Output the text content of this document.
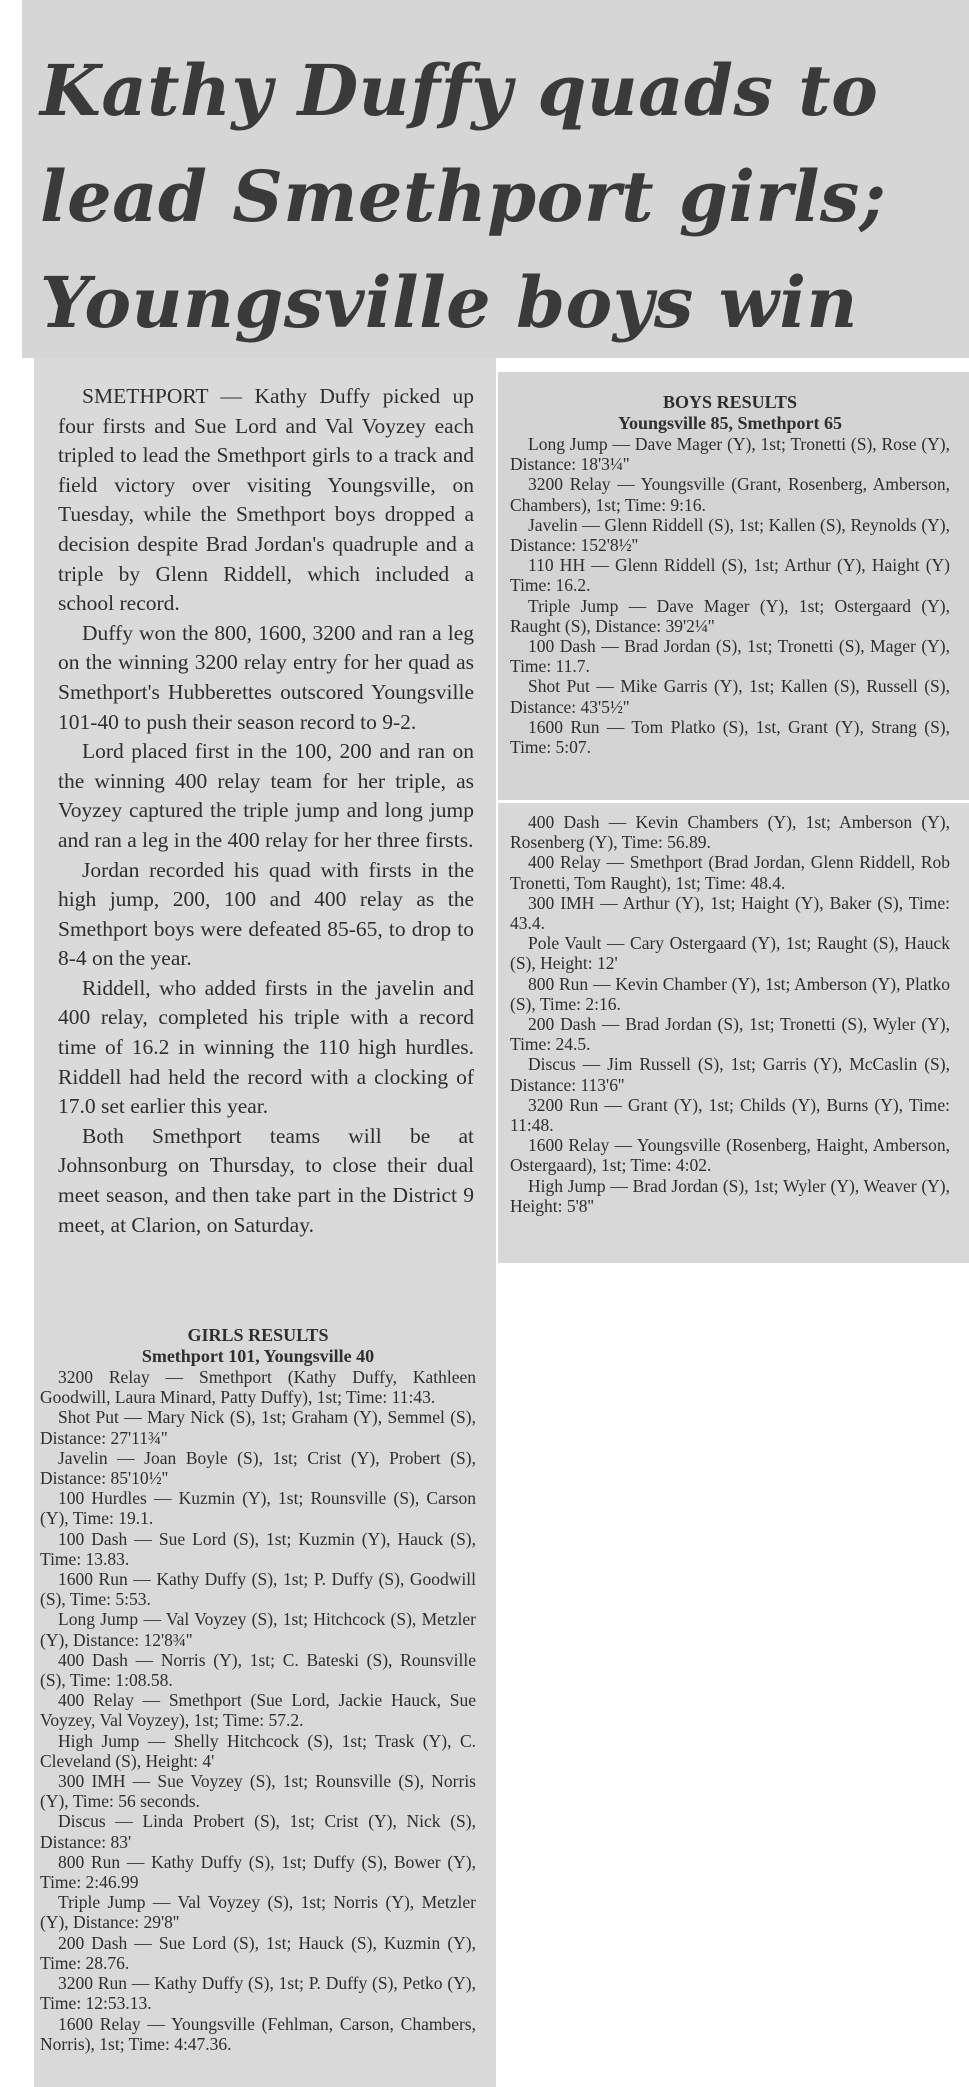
Kathy Duffy quads to lead Smethport girls; Youngsville boys win

SMETHPORT — Kathy Duffy picked up four firsts and Sue Lord and Val Voyzey each tripled to lead the Smethport girls to a track and field victory over visiting Youngsville, on Tuesday, while the Smethport boys dropped a decision despite Brad Jordan's quadruple and a triple by Glenn Riddell, which included a school record.

Duffy won the 800, 1600, 3200 and ran a leg on the winning 3200 relay entry for her quad as Smethport's Hubberettes outscored Youngsville 101-40 to push their season record to 9-2.

Lord placed first in the 100, 200 and ran on the winning 400 relay team for her triple, as Voyzey captured the triple jump and long jump and ran a leg in the 400 relay for her three firsts.

Jordan recorded his quad with firsts in the high jump, 200, 100 and 400 relay as the Smethport boys were defeated 85-65, to drop to 8-4 on the year.

Riddell, who added firsts in the javelin and 400 relay, completed his triple with a record time of 16.2 in winning the 110 high hurdles. Riddell had held the record with a clocking of 17.0 set earlier this year.

Both Smethport teams will be at Johnsonburg on Thursday, to close their dual meet season, and then take part in the District 9 meet, at Clarion, on Saturday.

GIRLS RESULTS
Smethport 101, Youngsville 40

3200 Relay — Smethport (Kathy Duffy, Kathleen Goodwill, Laura Minard, Patty Duffy), 1st; Time: 11:43.

Shot Put — Mary Nick (S), 1st; Graham (Y), Semmel (S), Distance: 27'11¾''

Javelin — Joan Boyle (S), 1st; Crist (Y), Probert (S), Distance: 85'10½''

100 Hurdles — Kuzmin (Y), 1st; Rounsville (S), Carson (Y), Time: 19.1.

100 Dash — Sue Lord (S), 1st; Kuzmin (Y), Hauck (S), Time: 13.83.

1600 Run — Kathy Duffy (S), 1st; P. Duffy (S), Goodwill (S), Time: 5:53.

Long Jump — Val Voyzey (S), 1st; Hitchcock (S), Metzler (Y), Distance: 12'8¾''

400 Dash — Norris (Y), 1st; C. Bateski (S), Rounsville (S), Time: 1:08.58.

400 Relay — Smethport (Sue Lord, Jackie Hauck, Sue Voyzey, Val Voyzey), 1st; Time: 57.2.

High Jump — Shelly Hitchcock (S), 1st; Trask (Y), C. Cleveland (S), Height: 4'

300 IMH — Sue Voyzey (S), 1st; Rounsville (S), Norris (Y), Time: 56 seconds.

Discus — Linda Probert (S), 1st; Crist (Y), Nick (S), Distance: 83'

800 Run — Kathy Duffy (S), 1st; Duffy (S), Bower (Y), Time: 2:46.99

Triple Jump — Val Voyzey (S), 1st; Norris (Y), Metzler (Y), Distance: 29'8''

200 Dash — Sue Lord (S), 1st; Hauck (S), Kuzmin (Y), Time: 28.76.

3200 Run — Kathy Duffy (S), 1st; P. Duffy (S), Petko (Y), Time: 12:53.13.

1600 Relay — Youngsville (Fehlman, Carson, Chambers, Norris), 1st; Time: 4:47.36.

BOYS RESULTS
Youngsville 85, Smethport 65

Long Jump — Dave Mager (Y), 1st; Tronetti (S), Rose (Y), Distance: 18'3¼''

3200 Relay — Youngsville (Grant, Rosenberg, Amberson, Chambers), 1st; Time: 9:16.

Javelin — Glenn Riddell (S), 1st; Kallen (S), Reynolds (Y), Distance: 152'8½''

110 HH — Glenn Riddell (S), 1st; Arthur (Y), Haight (Y) Time: 16.2.

Triple Jump — Dave Mager (Y), 1st; Ostergaard (Y), Raught (S), Distance: 39'2¼''

100 Dash — Brad Jordan (S), 1st; Tronetti (S), Mager (Y), Time: 11.7.

Shot Put — Mike Garris (Y), 1st; Kallen (S), Russell (S), Distance: 43'5½''

1600 Run — Tom Platko (S), 1st, Grant (Y), Strang (S), Time: 5:07.

400 Dash — Kevin Chambers (Y), 1st; Amberson (Y), Rosenberg (Y), Time: 56.89.

400 Relay — Smethport (Brad Jordan, Glenn Riddell, Rob Tronetti, Tom Raught), 1st; Time: 48.4.

300 IMH — Arthur (Y), 1st; Haight (Y), Baker (S), Time: 43.4.

Pole Vault — Cary Ostergaard (Y), 1st; Raught (S), Hauck (S), Height: 12'

800 Run — Kevin Chamber (Y), 1st; Amberson (Y), Platko (S), Time: 2:16.

200 Dash — Brad Jordan (S), 1st; Tronetti (S), Wyler (Y), Time: 24.5.

Discus — Jim Russell (S), 1st; Garris (Y), McCaslin (S), Distance: 113'6''

3200 Run — Grant (Y), 1st; Childs (Y), Burns (Y), Time: 11:48.

1600 Relay — Youngsville (Rosenberg, Haight, Amberson, Ostergaard), 1st; Time: 4:02.

High Jump — Brad Jordan (S), 1st; Wyler (Y), Weaver (Y), Height: 5'8''
